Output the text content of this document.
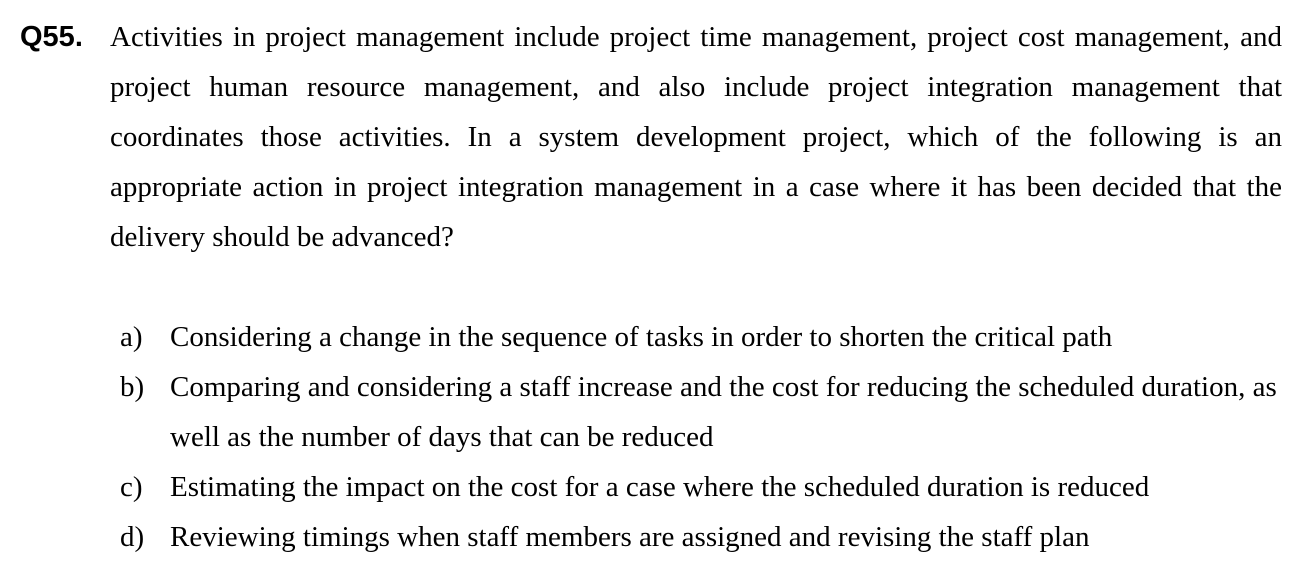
Q55. Activities in project management include project time management, project cost management, and project human resource management, and also include project integration management that coordinates those activities. In a system development project, which of the following is an appropriate action in project integration management in a case where it has been decided that the delivery should be advanced?
a) Considering a change in the sequence of tasks in order to shorten the critical path
b) Comparing and considering a staff increase and the cost for reducing the scheduled duration, as well as the number of days that can be reduced
c) Estimating the impact on the cost for a case where the scheduled duration is reduced
d) Reviewing timings when staff members are assigned and revising the staff plan
